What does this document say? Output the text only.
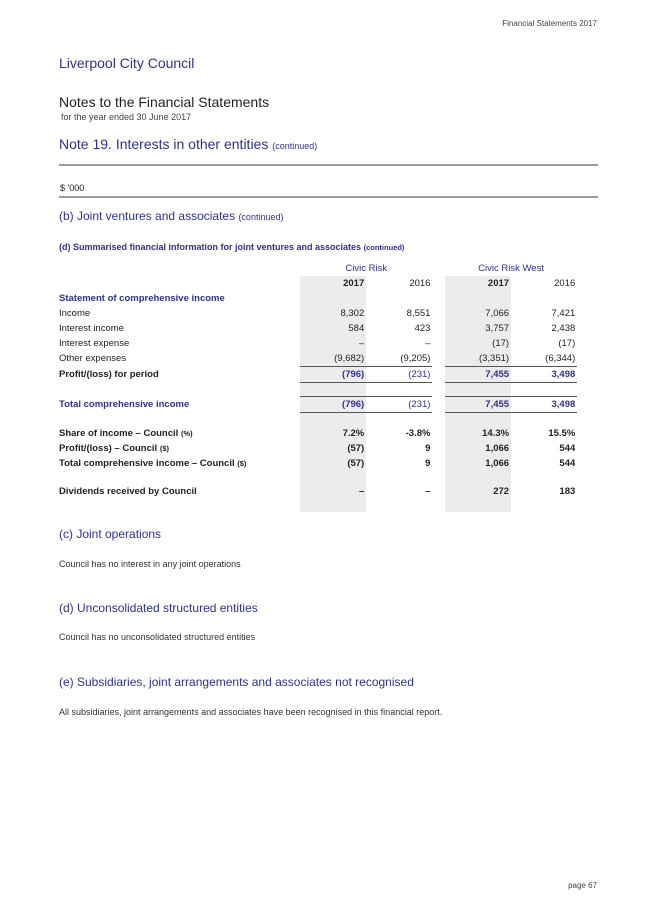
Financial Statements 2017
Liverpool City Council
Notes to the Financial Statements
for the year ended 30 June 2017
Note 19. Interests in other entities (continued)
$ '000
(b) Joint ventures and associates (continued)
(d) Summarised financial information for joint ventures and associates (continued)
	Civic Risk			Civic Risk West		
	2017	2016		2017	2016	
Statement of comprehensive income						
Income	8,302	8,551		7,066	7,421	
Interest income	584	423		3,757	2,438	
Interest expense	–	–		(17)	(17)	
Other expenses	(9,682)	(9,205)		(3,351)	(6,344)	
Profit/(loss) for period	(796)	(231)		7,455	3,498	

Total comprehensive income	(796)	(231)		7,455	3,498	

Share of income – Council (%)	7.2%	-3.8%		14.3%	15.5%	
Profit/(loss) – Council ($)	(57)	9		1,066	544	
Total comprehensive income – Council ($)	(57)	9		1,066	544	

Dividends received by Council	–	–		272	183	

(c) Joint operations
Council has no interest in any joint operations
(d) Unconsolidated structured entities
Council has no unconsolidated structured entities
(e) Subsidiaries, joint arrangements and associates not recognised
All subsidiaries, joint arrangements and associates have been recognised in this financial report.
page 67
